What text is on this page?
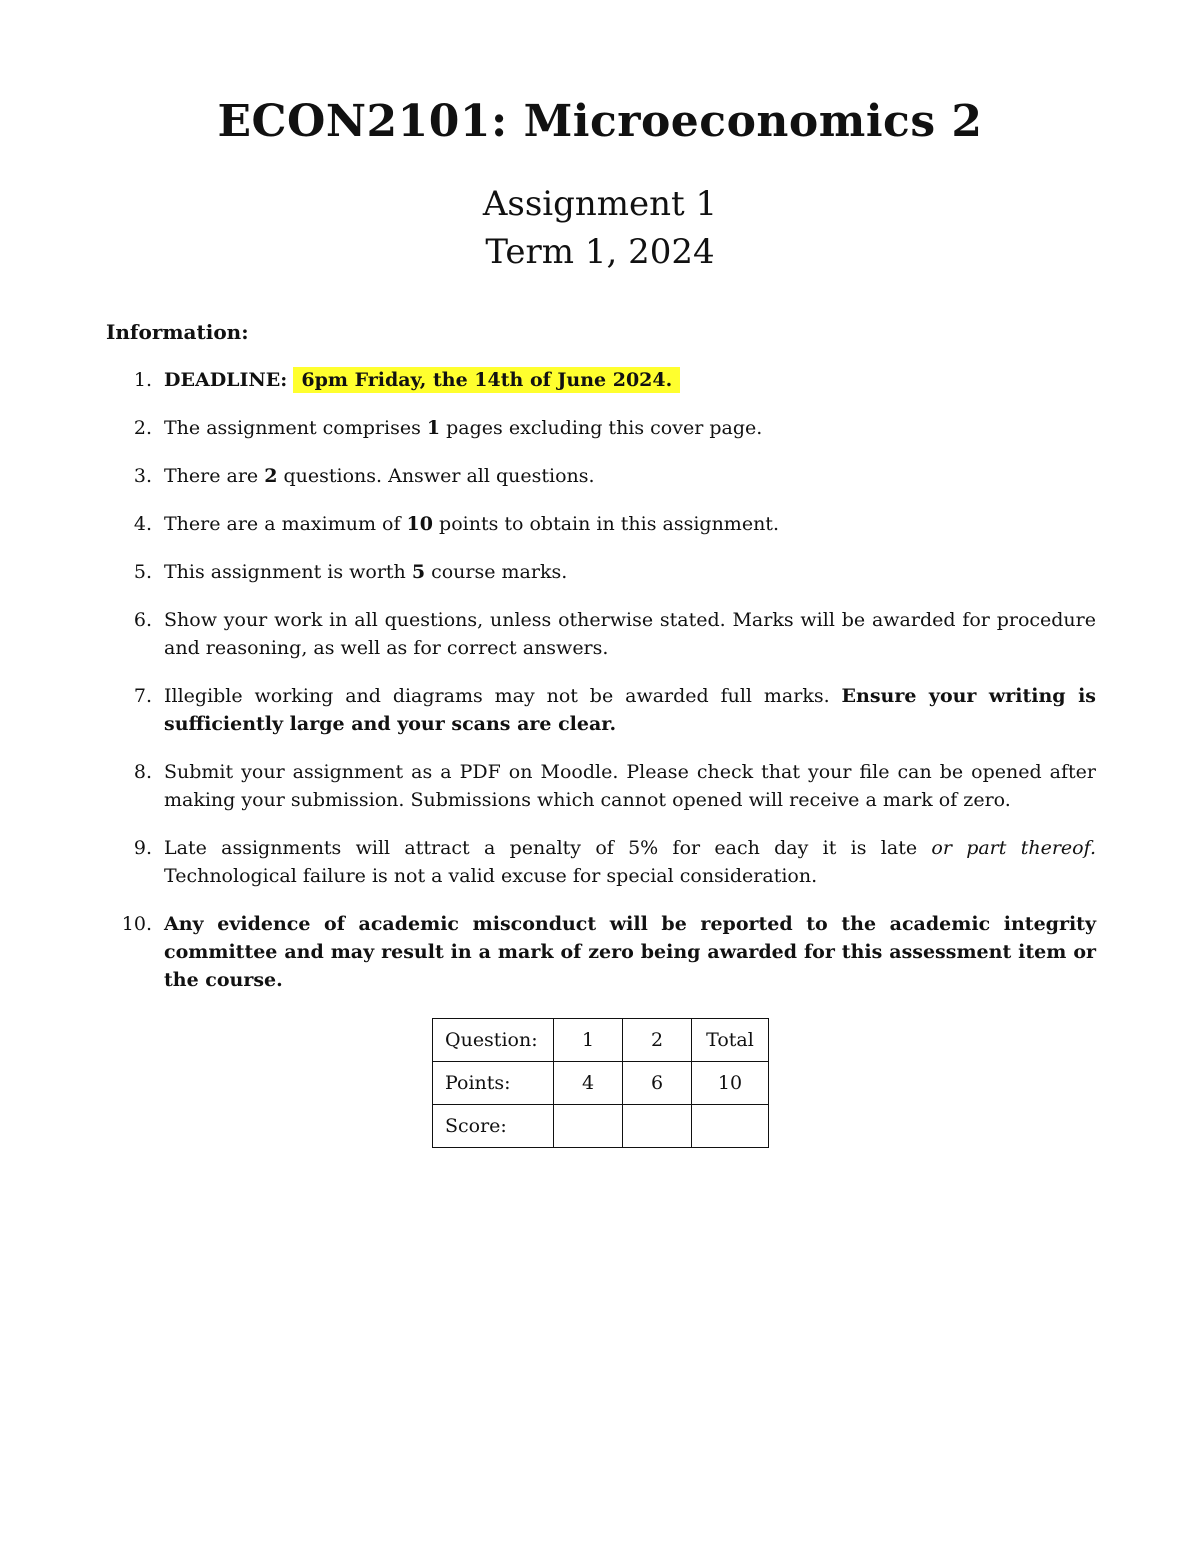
ECON2101: Microeconomics 2
Assignment 1
Term 1, 2024
Information:
1. DEADLINE: 6pm Friday, the 14th of June 2024.
2. The assignment comprises 1 pages excluding this cover page.
3. There are 2 questions. Answer all questions.
4. There are a maximum of 10 points to obtain in this assignment.
5. This assignment is worth 5 course marks.
6. Show your work in all questions, unless otherwise stated. Marks will be awarded for procedure and reasoning, as well as for correct answers.
7. Illegible working and diagrams may not be awarded full marks. Ensure your writing is sufficiently large and your scans are clear.
8. Submit your assignment as a PDF on Moodle. Please check that your file can be opened after making your submission. Submissions which cannot opened will receive a mark of zero.
9. Late assignments will attract a penalty of 5% for each day it is late or part thereof. Technological failure is not a valid excuse for special consideration.
10. Any evidence of academic misconduct will be reported to the academic integrity committee and may result in a mark of zero being awarded for this assessment item or the course.
Question:	1	2	Total
Points:	4	6	10
Score:			
